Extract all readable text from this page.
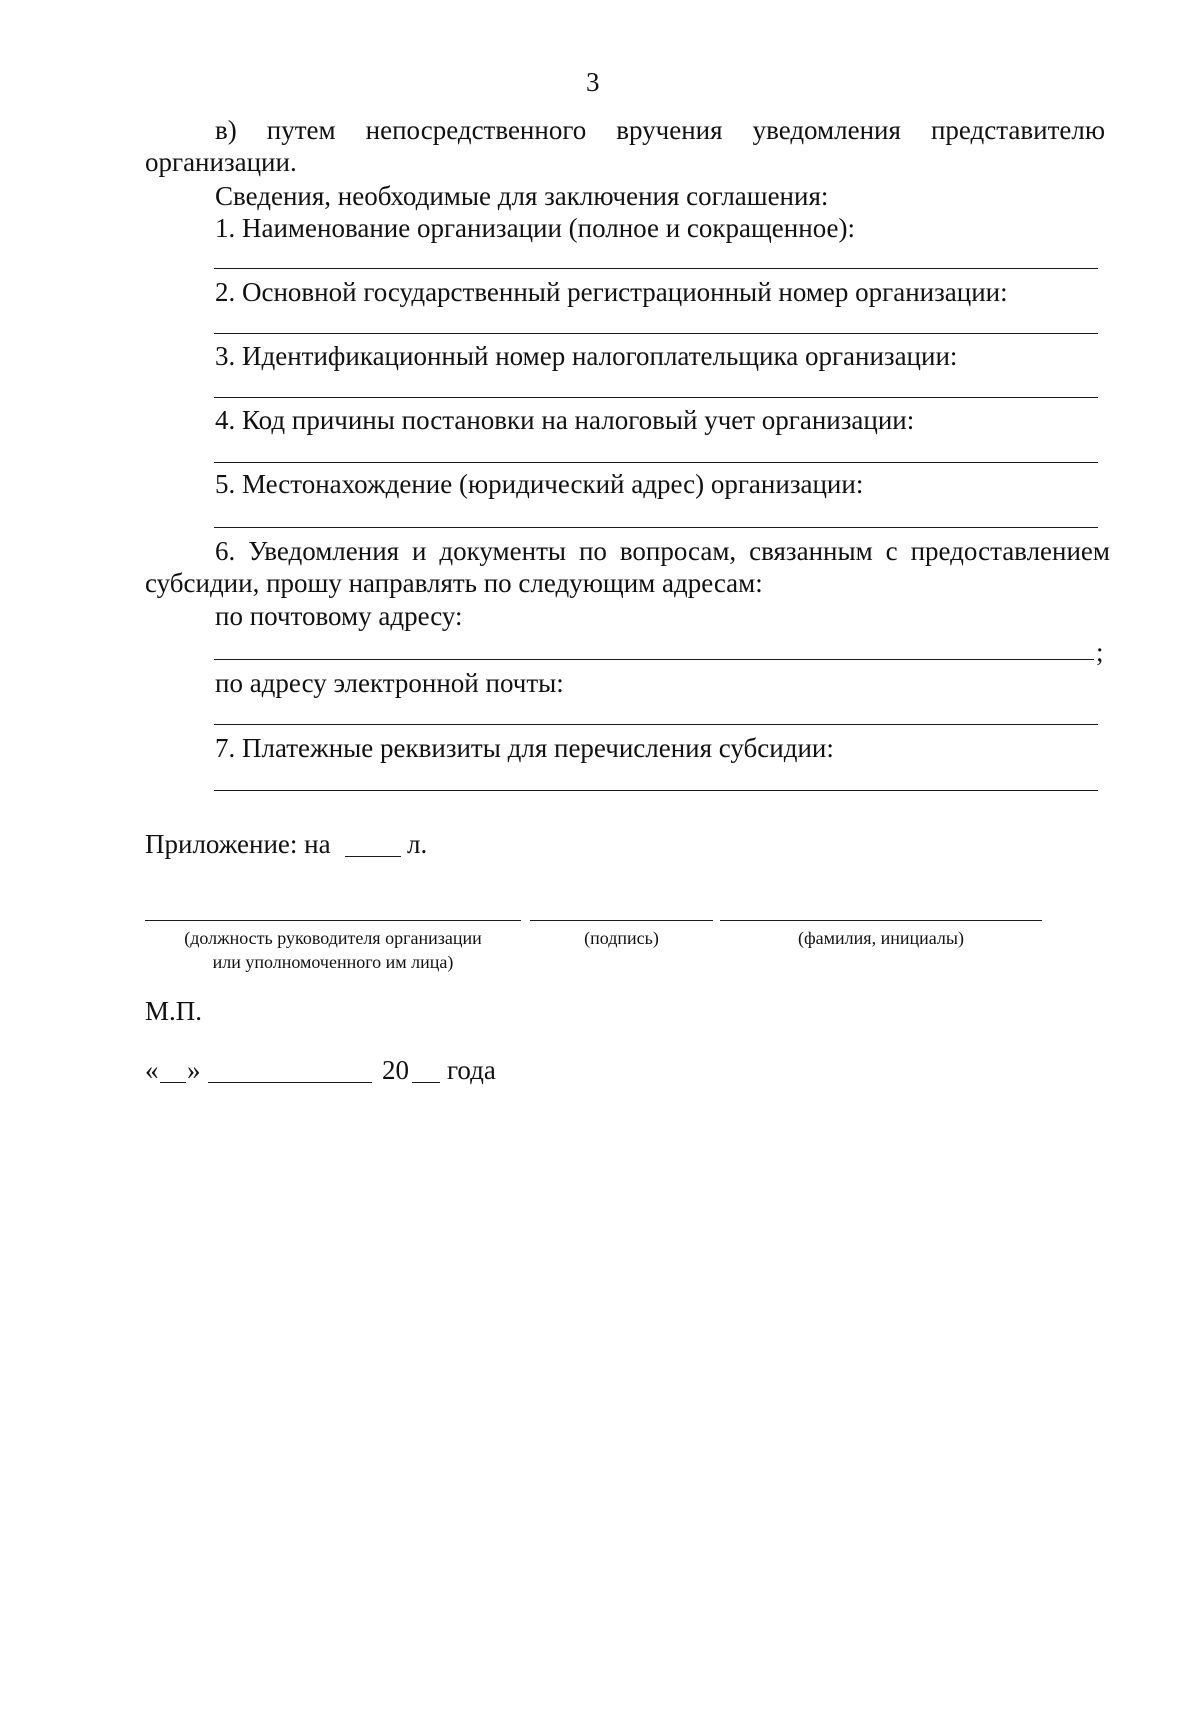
3
в) путем непосредственного вручения уведомления представителю
организации.
Сведения, необходимые для заключения соглашения:
1. Наименование организации (полное и сокращенное):
2. Основной государственный регистрационный номер организации:
3. Идентификационный номер налогоплательщика организации:
4. Код причины постановки на налоговый учет организации:
5. Местонахождение (юридический адрес) организации:
6. Уведомления и документы по вопросам, связанным с предоставлением
субсидии, прошу направлять по следующим адресам:
по почтовому адресу:
;
по адресу электронной почты:
7. Платежные реквизиты для перечисления субсидии:
Приложение: на	л.
(должность руководителя организации
или уполномоченного им лица)
(подпись)	(фамилия, инициалы)
М.П.
« »	20 года
